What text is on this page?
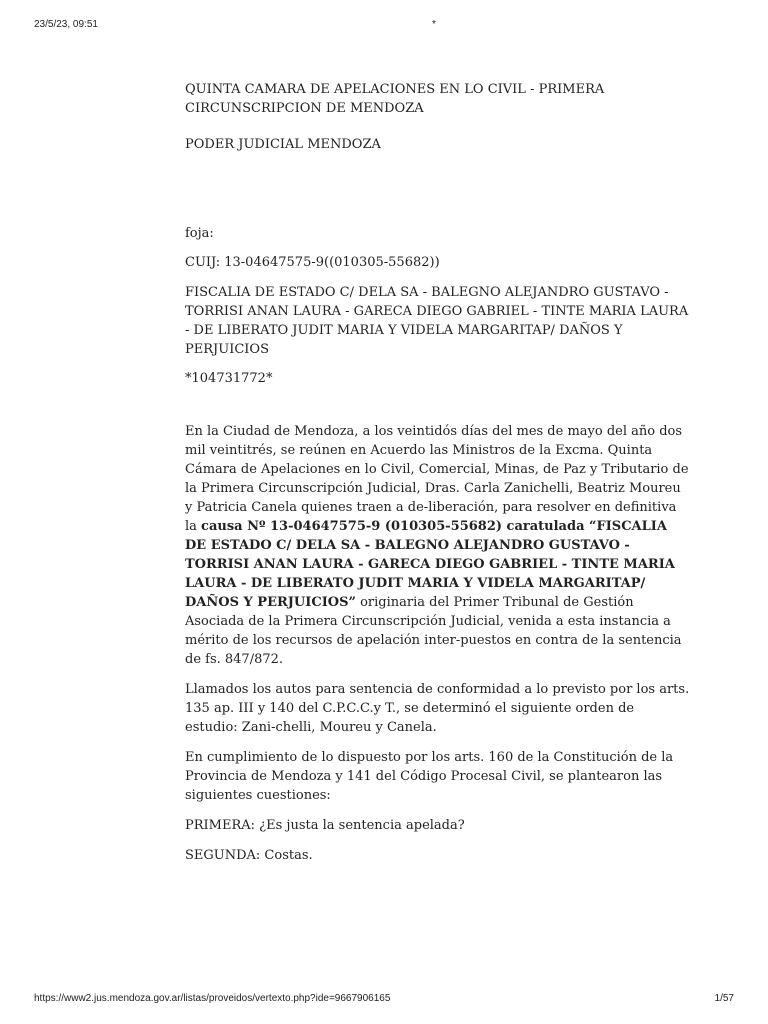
23/5/23, 09:51	*

QUINTA CAMARA DE APELACIONES EN LO CIVIL - PRIMERA CIRCUNSCRIPCION DE MENDOZA

PODER JUDICIAL MENDOZA

foja:

CUIJ: 13-04647575-9((010305-55682))

FISCALIA DE ESTADO C/ DELA SA - BALEGNO ALEJANDRO GUSTAVO - TORRISI ANAN LAURA - GARECA DIEGO GABRIEL - TINTE MARIA LAURA - DE LIBERATO JUDIT MARIA Y VIDELA MARGARITAP/ DAÑOS Y PERJUICIOS

*104731772*

En la Ciudad de Mendoza, a los veintidós días del mes de mayo del año dos mil veintitrés, se reúnen en Acuerdo las Ministros de la Excma. Quinta Cámara de Apelaciones en lo Civil, Comercial, Minas, de Paz y Tributario de la Primera Circunscripción Judicial, Dras. Carla Zanichelli, Beatriz Moureu y Patricia Canela quienes traen a de-liberación, para resolver en definitiva la causa Nº 13-04647575-9 (010305-55682) caratulada “FISCALIA DE ESTADO C/ DELA SA - BALEGNO ALEJANDRO GUSTAVO - TORRISI ANAN LAURA - GARECA DIEGO GABRIEL - TINTE MARIA LAURA - DE LIBERATO JUDIT MARIA Y VIDELA MARGARITAP/ DAÑOS Y PERJUICIOS” originaria del Primer Tribunal de Gestión Asociada de la Primera Circunscripción Judicial, venida a esta instancia a mérito de los recursos de apelación inter-puestos en contra de la sentencia de fs. 847/872.

Llamados los autos para sentencia de conformidad a lo previsto por los arts. 135 ap. III y 140 del C.P.C.C.y T., se determinó el siguiente orden de estudio: Zani-chelli, Moureu y Canela.

En cumplimiento de lo dispuesto por los arts. 160 de la Constitución de la Provincia de Mendoza y 141 del Código Procesal Civil, se plantearon las siguientes cuestiones:

PRIMERA: ¿Es justa la sentencia apelada?

SEGUNDA: Costas.

https://www2.jus.mendoza.gov.ar/listas/proveidos/vertexto.php?ide=9667906165	1/57
